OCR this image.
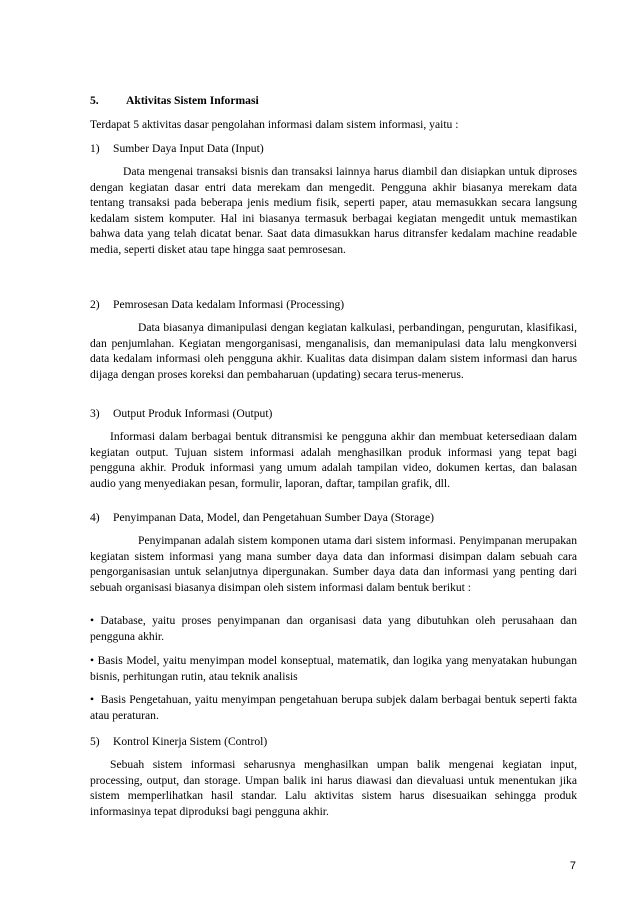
5. Aktivitas Sistem Informasi

Terdapat 5 aktivitas dasar pengolahan informasi dalam sistem informasi, yaitu :

1) Sumber Daya Input Data (Input)

Data mengenai transaksi bisnis dan transaksi lainnya harus diambil dan disiapkan untuk diproses dengan kegiatan dasar entri data merekam dan mengedit. Pengguna akhir biasanya merekam data tentang transaksi pada beberapa jenis medium fisik, seperti paper, atau memasukkan secara langsung kedalam sistem komputer. Hal ini biasanya termasuk berbagai kegiatan mengedit untuk memastikan bahwa data yang telah dicatat benar. Saat data dimasukkan harus ditransfer kedalam machine readable media, seperti disket atau tape hingga saat pemrosesan.

2) Pemrosesan Data kedalam Informasi (Processing)

Data biasanya dimanipulasi dengan kegiatan kalkulasi, perbandingan, pengurutan, klasifikasi, dan penjumlahan. Kegiatan mengorganisasi, menganalisis, dan memanipulasi data lalu mengkonversi data kedalam informasi oleh pengguna akhir. Kualitas data disimpan dalam sistem informasi dan harus dijaga dengan proses koreksi dan pembaharuan (updating) secara terus-menerus.

3) Output Produk Informasi (Output)

Informasi dalam berbagai bentuk ditransmisi ke pengguna akhir dan membuat ketersediaan dalam kegiatan output. Tujuan sistem informasi adalah menghasilkan produk informasi yang tepat bagi pengguna akhir. Produk informasi yang umum adalah tampilan video, dokumen kertas, dan balasan audio yang menyediakan pesan, formulir, laporan, daftar, tampilan grafik, dll.

4) Penyimpanan Data, Model, dan Pengetahuan Sumber Daya (Storage)

Penyimpanan adalah sistem komponen utama dari sistem informasi. Penyimpanan merupakan kegiatan sistem informasi yang mana sumber daya data dan informasi disimpan dalam sebuah cara pengorganisasian untuk selanjutnya dipergunakan. Sumber daya data dan informasi yang penting dari sebuah organisasi biasanya disimpan oleh sistem informasi dalam bentuk berikut :

• Database, yaitu proses penyimpanan dan organisasi data yang dibutuhkan oleh perusahaan dan pengguna akhir.

• Basis Model, yaitu menyimpan model konseptual, matematik, dan logika yang menyatakan hubungan bisnis, perhitungan rutin, atau teknik analisis

• Basis Pengetahuan, yaitu menyimpan pengetahuan berupa subjek dalam berbagai bentuk seperti fakta atau peraturan.

5) Kontrol Kinerja Sistem (Control)

Sebuah sistem informasi seharusnya menghasilkan umpan balik mengenai kegiatan input, processing, output, dan storage. Umpan balik ini harus diawasi dan dievaluasi untuk menentukan jika sistem memperlihatkan hasil standar. Lalu aktivitas sistem harus disesuaikan sehingga produk informasinya tepat diproduksi bagi pengguna akhir.

7
